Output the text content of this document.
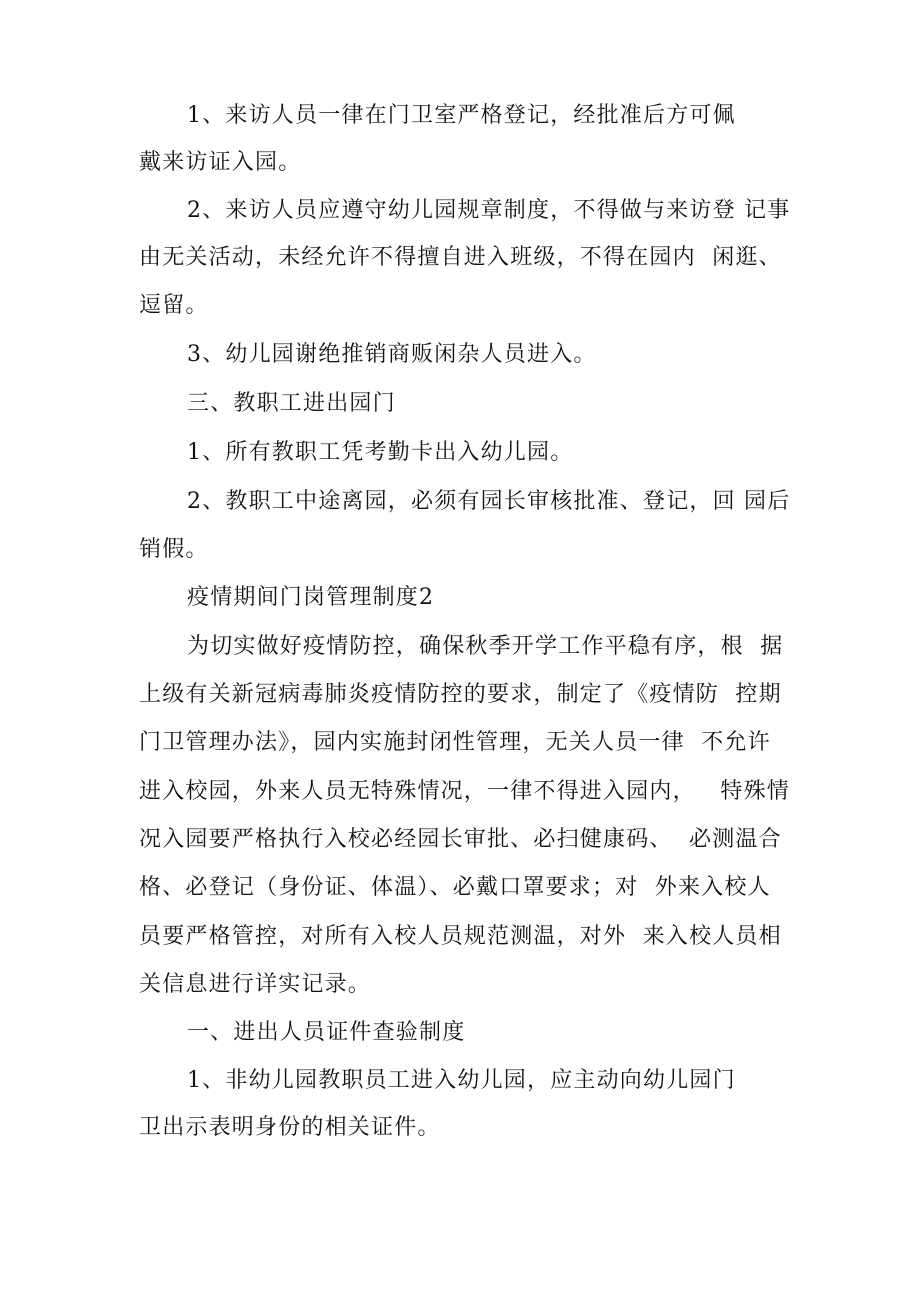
1、来访人员一律在门卫室严格登记，经批准后方可佩
戴来访证入园。
2、来访人员应遵守幼儿园规章制度，不得做与来访登 记事
由无关活动，未经允许不得擅自进入班级，不得在园内  闲逛、
逗留。
3、幼儿园谢绝推销商贩闲杂人员进入。
三、教职工进出园门
1、所有教职工凭考勤卡出入幼儿园。
2、教职工中途离园，必须有园长审核批准、登记，回 园后
销假。
疫情期间门岗管理制度2
为切实做好疫情防控，确保秋季开学工作平稳有序，根  据
上级有关新冠病毒肺炎疫情防控的要求，制定了《疫情防  控期
门卫管理办法》，园内实施封闭性管理，无关人员一律  不允许
进入校园，外来人员无特殊情况，一律不得进入园内，   特殊情
况入园要严格执行入校必经园长审批、必扫健康码、  必测温合
格、必登记（身份证、体温）、必戴口罩要求；对  外来入校人
员要严格管控，对所有入校人员规范测温，对外  来入校人员相
关信息进行详实记录。
一、进出人员证件查验制度
1、非幼儿园教职员工进入幼儿园，应主动向幼儿园门
卫出示表明身份的相关证件。
